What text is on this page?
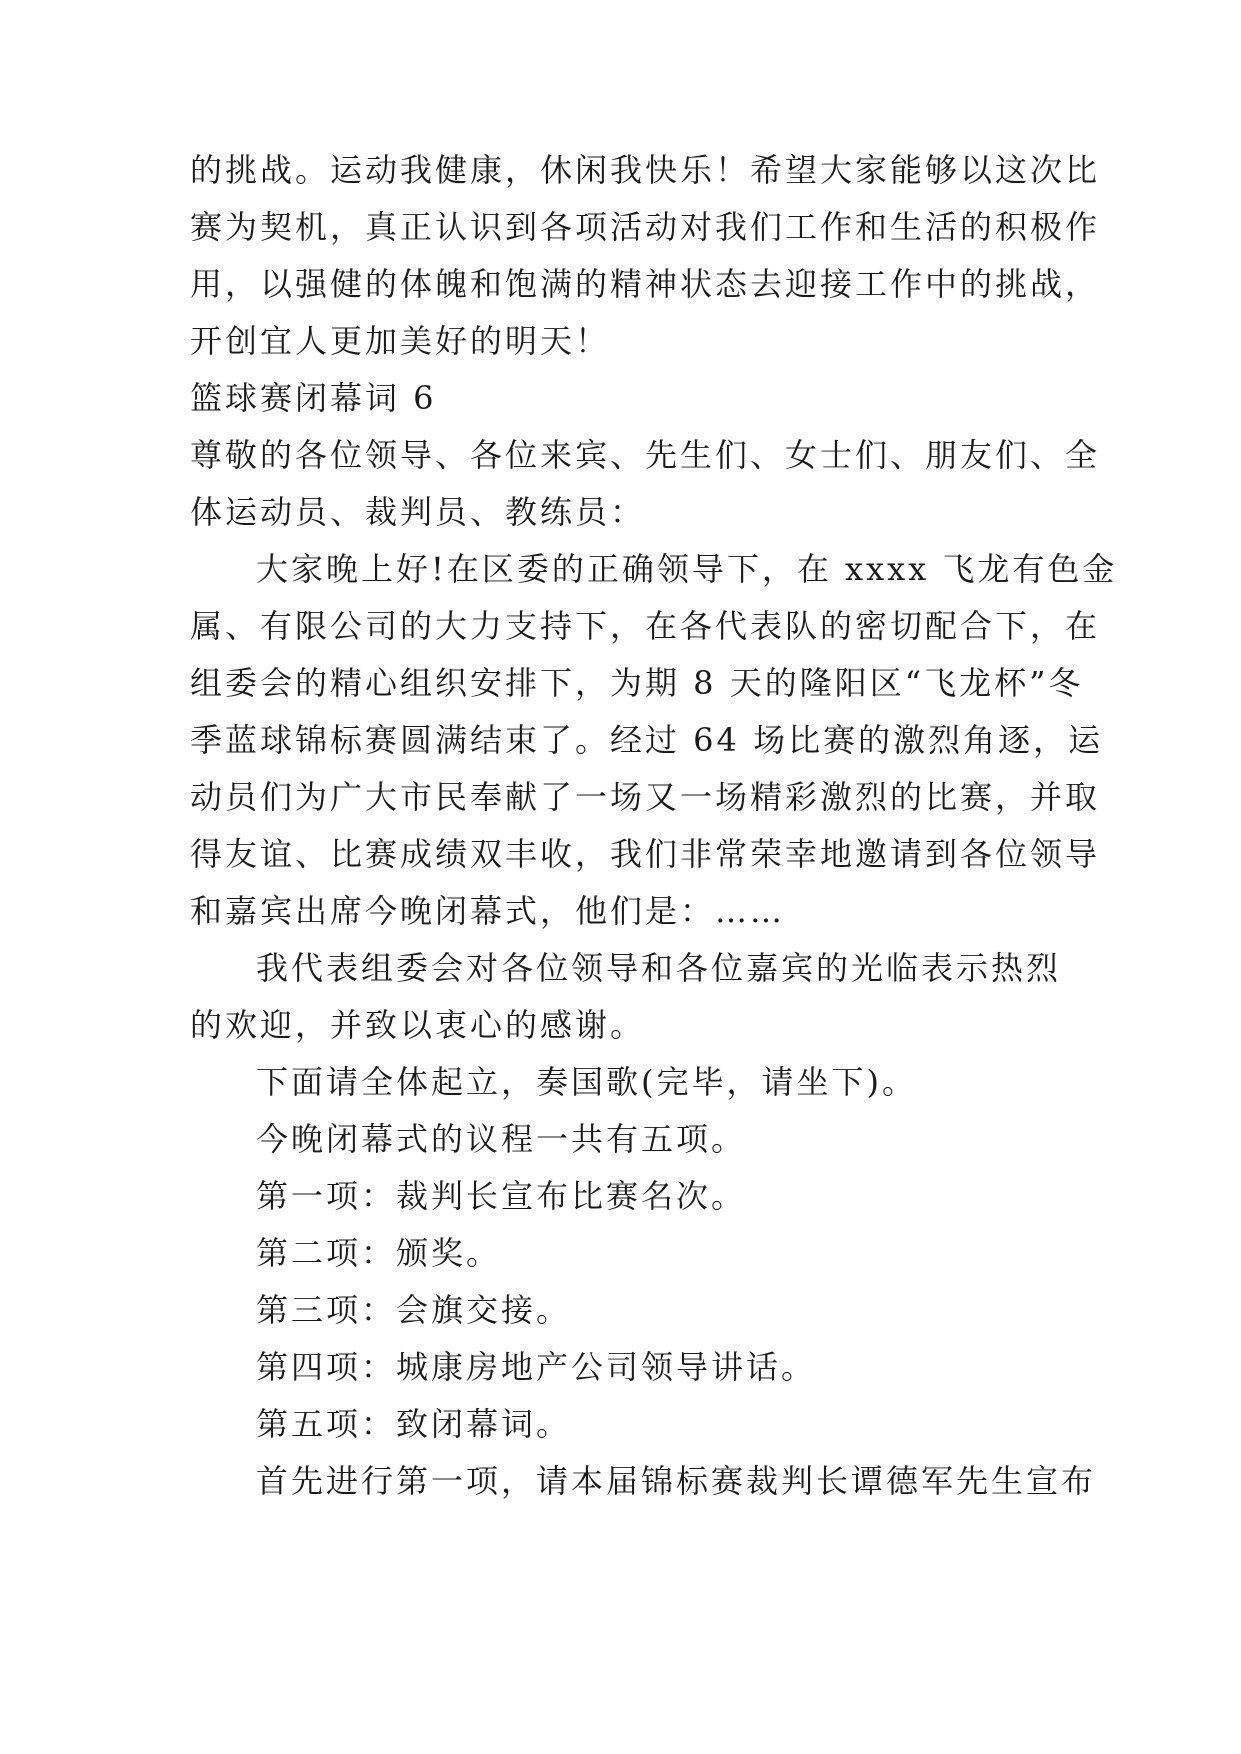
的挑战。运动我健康，休闲我快乐！希望大家能够以这次比
赛为契机，真正认识到各项活动对我们工作和生活的积极作
用，以强健的体魄和饱满的精神状态去迎接工作中的挑战，
开创宜人更加美好的明天！
篮球赛闭幕词 6
尊敬的各位领导、各位来宾、先生们、女士们、朋友们、全
体运动员、裁判员、教练员：
大家晚上好!在区委的正确领导下，在 xxxx 飞龙有色金
属、有限公司的大力支持下，在各代表队的密切配合下，在
组委会的精心组织安排下，为期 8 天的隆阳区“飞龙杯”冬
季蓝球锦标赛圆满结束了。经过 64 场比赛的激烈角逐，运
动员们为广大市民奉献了一场又一场精彩激烈的比赛，并取
得友谊、比赛成绩双丰收，我们非常荣幸地邀请到各位领导
和嘉宾出席今晚闭幕式，他们是：……
我代表组委会对各位领导和各位嘉宾的光临表示热烈
的欢迎，并致以衷心的感谢。
下面请全体起立，奏国歌(完毕，请坐下)。
今晚闭幕式的议程一共有五项。
第一项：裁判长宣布比赛名次。
第二项：颁奖。
第三项：会旗交接。
第四项：城康房地产公司领导讲话。
第五项：致闭幕词。
首先进行第一项，请本届锦标赛裁判长谭德军先生宣布
